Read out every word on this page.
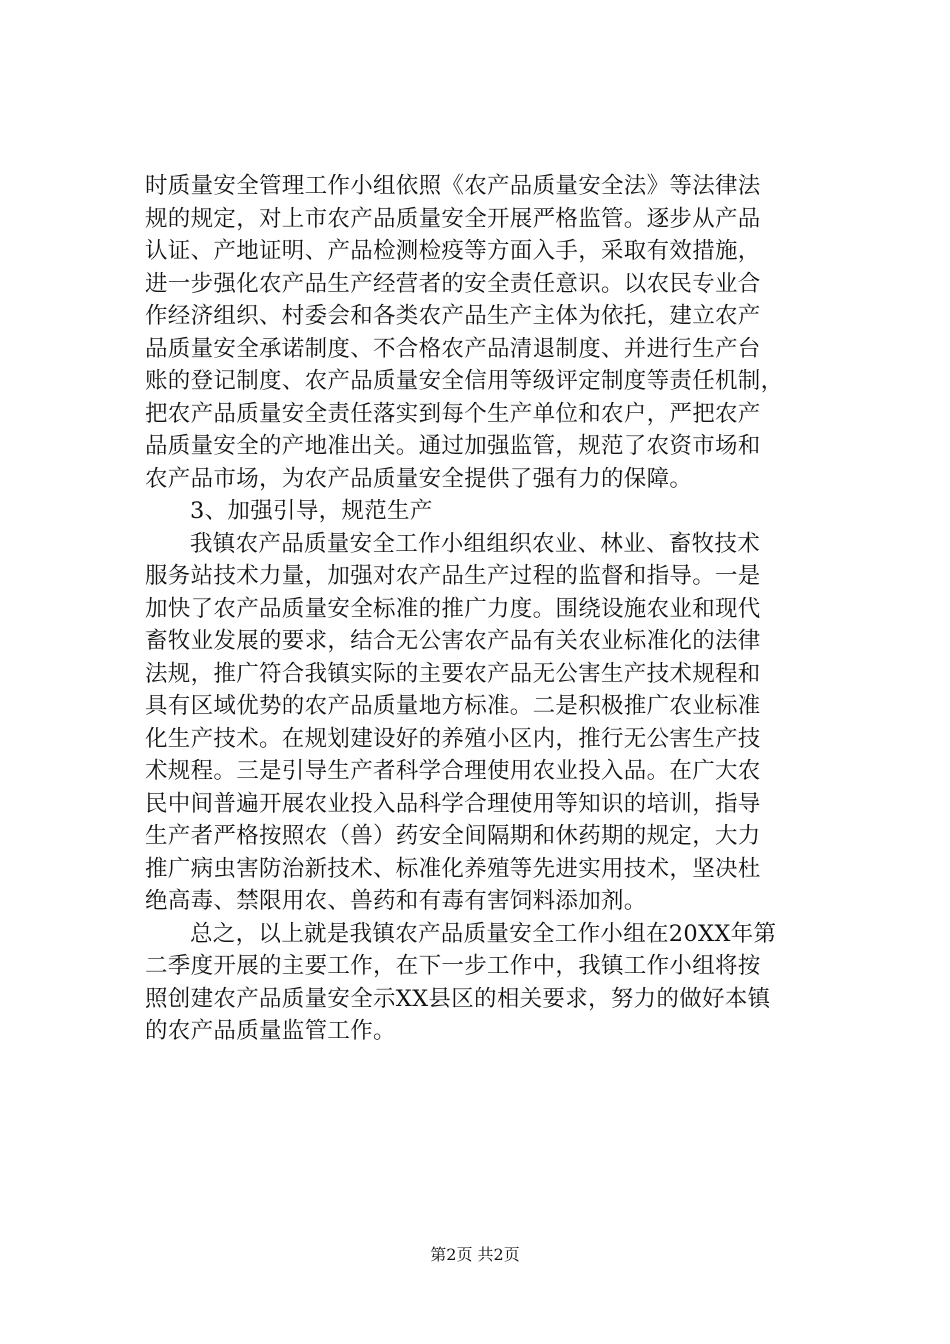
时质量安全管理工作小组依照《农产品质量安全法》等法律法
规的规定，对上市农产品质量安全开展严格监管。逐步从产品
认证、产地证明、产品检测检疫等方面入手，采取有效措施，
进一步强化农产品生产经营者的安全责任意识。以农民专业合
作经济组织、村委会和各类农产品生产主体为依托，建立农产
品质量安全承诺制度、不合格农产品清退制度、并进行生产台
账的登记制度、农产品质量安全信用等级评定制度等责任机制，
把农产品质量安全责任落实到每个生产单位和农户，严把农产
品质量安全的产地准出关。通过加强监管，规范了农资市场和
农产品市场，为农产品质量安全提供了强有力的保障。
3、加强引导，规范生产
我镇农产品质量安全工作小组组织农业、林业、畜牧技术
服务站技术力量，加强对农产品生产过程的监督和指导。一是
加快了农产品质量安全标准的推广力度。围绕设施农业和现代
畜牧业发展的要求，结合无公害农产品有关农业标准化的法律
法规，推广符合我镇实际的主要农产品无公害生产技术规程和
具有区域优势的农产品质量地方标准。二是积极推广农业标准
化生产技术。在规划建设好的养殖小区内，推行无公害生产技
术规程。三是引导生产者科学合理使用农业投入品。在广大农
民中间普遍开展农业投入品科学合理使用等知识的培训，指导
生产者严格按照农（兽）药安全间隔期和休药期的规定，大力
推广病虫害防治新技术、标准化养殖等先进实用技术，坚决杜
绝高毒、禁限用农、兽药和有毒有害饲料添加剂。
总之，以上就是我镇农产品质量安全工作小组在20XX年第
二季度开展的主要工作，在下一步工作中，我镇工作小组将按
照创建农产品质量安全示XX县区的相关要求，努力的做好本镇
的农产品质量监管工作。
第2页 共2页
